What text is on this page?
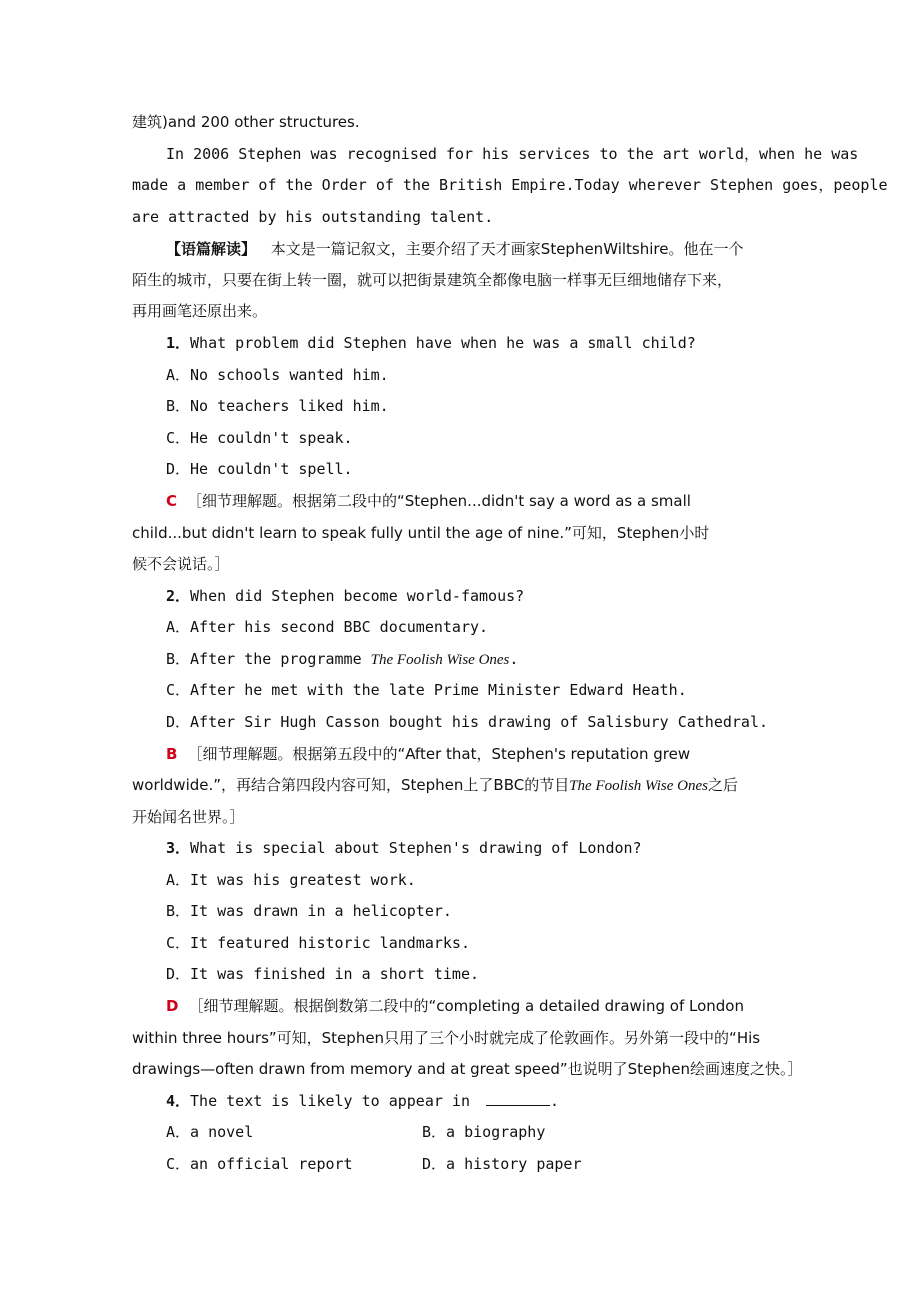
建筑)and 200 other structures.
In 2006 Stephen was recognised for his services to the art world，when he was
made a member of the Order of the British Empire.Today wherever Stephen goes，people
are attracted by his outstanding talent.
【语篇解读】 本文是一篇记叙文，主要介绍了天才画家StephenWiltshire。他在一个
陌生的城市，只要在街上转一圈，就可以把街景建筑全都像电脑一样事无巨细地储存下来，
再用画笔还原出来。
1．What problem did Stephen have when he was a small child?
A．No schools wanted him.
B．No teachers liked him.
C．He couldn't speak.
D．He couldn't spell.
C ［细节理解题。根据第二段中的“Stephen...didn't say a word as a small
child...but didn't learn to speak fully until the age of nine.”可知，Stephen小时
候不会说话。］
2．When did Stephen become world-famous?
A．After his second BBC documentary.
B．After the programme The Foolish Wise Ones.
C．After he met with the late Prime Minister Edward Heath.
D．After Sir Hugh Casson bought his drawing of Salisbury Cathedral.
B ［细节理解题。根据第五段中的“After that，Stephen's reputation grew
worldwide.”，再结合第四段内容可知，Stephen上了BBC的节目The Foolish Wise Ones之后
开始闻名世界。］
3．What is special about Stephen's drawing of London?
A．It was his greatest work.
B．It was drawn in a helicopter.
C．It featured historic landmarks.
D．It was finished in a short time.
D ［细节理解题。根据倒数第二段中的“completing a detailed drawing of London
within three hours”可知，Stephen只用了三个小时就完成了伦敦画作。另外第一段中的“His
drawings—often drawn from memory and at great speed”也说明了Stephen绘画速度之快。］
4．The text is likely to appear in	.
A．a novel	B．a biography
C．an official report	D．a history paper
